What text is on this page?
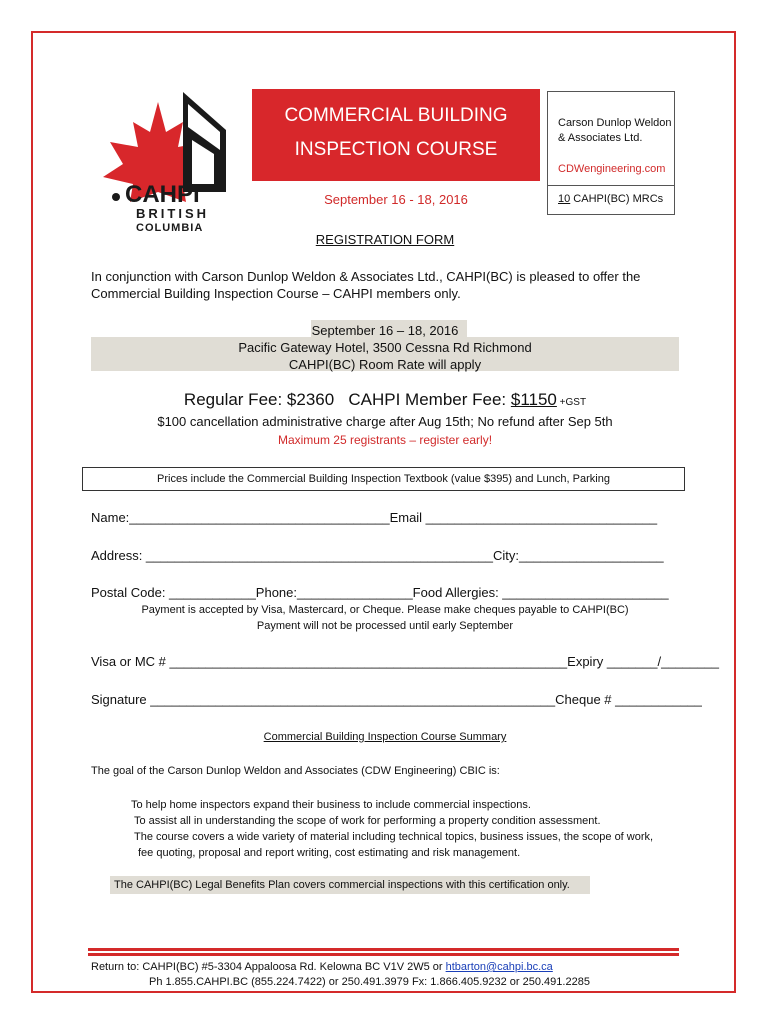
CAHPI
BRITISH
COLUMBIA
COMMERCIAL BUILDING
INSPECTION COURSE
September 16 - 18, 2016
Carson Dunlop Weldon
& Associates Ltd.
CDWengineering.com
10 CAHPI(BC) MRCs
REGISTRATION FORM
In conjunction with Carson Dunlop Weldon & Associates Ltd., CAHPI(BC) is pleased to offer the
Commercial Building Inspection Course – CAHPI members only.
September 16 – 18, 2016
Pacific Gateway Hotel, 3500 Cessna Rd Richmond
CAHPI(BC) Room Rate will apply
Regular Fee: $2360 CAHPI Member Fee: $1150 +GST
$100 cancellation administrative charge after Aug 15th; No refund after Sep 5th
Maximum 25 registrants – register early!
Prices include the Commercial Building Inspection Textbook (value $395) and Lunch, Parking
Name:____________________________________Email ________________________________
Address: ________________________________________________City:____________________
Postal Code: ____________Phone:________________Food Allergies: _______________________
Payment is accepted by Visa, Mastercard, or Cheque. Please make cheques payable to CAHPI(BC)
Payment will not be processed until early September
Visa or MC # _______________________________________________________Expiry _______/________
Signature ________________________________________________________Cheque # ____________
Commercial Building Inspection Course Summary
The goal of the Carson Dunlop Weldon and Associates (CDW Engineering) CBIC is:
To help home inspectors expand their business to include commercial inspections.
To assist all in understanding the scope of work for performing a property condition assessment.
The course covers a wide variety of material including technical topics, business issues, the scope of work,
fee quoting, proposal and report writing, cost estimating and risk management.
The CAHPI(BC) Legal Benefits Plan covers commercial inspections with this certification only.
Return to: CAHPI(BC) #5-3304 Appaloosa Rd. Kelowna BC V1V 2W5 or htbarton@cahpi.bc.ca
Ph 1.855.CAHPI.BC (855.224.7422) or 250.491.3979 Fx: 1.866.405.9232 or 250.491.2285
